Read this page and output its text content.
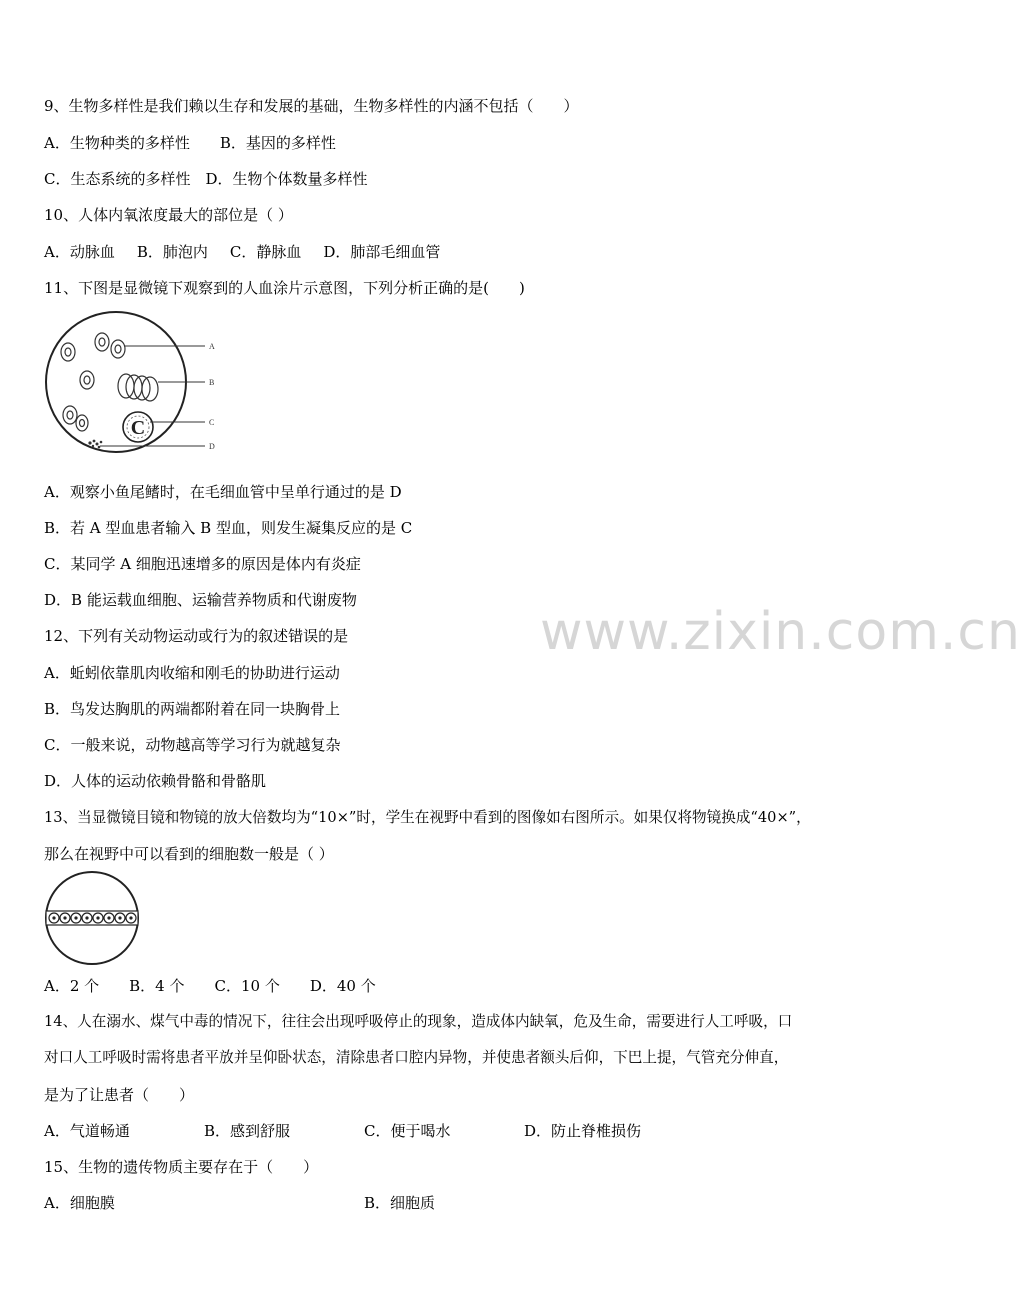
www.zixin.com.cn
9、生物多样性是我们赖以生存和发展的基础，生物多样性的内涵不包括（　　）
A．生物种类的多样性 B．基因的多样性
C．生态系统的多样性 D．生物个体数量多样性
10、人体内氧浓度最大的部位是（ ）
A．动脉血 B．肺泡内 C．静脉血 D．肺部毛细血管
11、下图是显微镜下观察到的人血涂片示意图，下列分析正确的是(　　)
C
A
B
C
D
A．观察小鱼尾鳍时，在毛细血管中呈单行通过的是 D
B．若 A 型血患者输入 B 型血，则发生凝集反应的是 C
C．某同学 A 细胞迅速增多的原因是体内有炎症
D．B 能运载血细胞、运输营养物质和代谢废物
12、下列有关动物运动或行为的叙述错误的是
A．蚯蚓依靠肌肉收缩和刚毛的协助进行运动
B．鸟发达胸肌的两端都附着在同一块胸骨上
C．一般来说，动物越高等学习行为就越复杂
D．人体的运动依赖骨骼和骨骼肌
13、当显微镜目镜和物镜的放大倍数均为“10×”时，学生在视野中看到的图像如右图所示。如果仅将物镜换成“40×”，
那么在视野中可以看到的细胞数一般是（ ）
A．2 个 B．4 个 C．10 个 D．40 个
14、人在溺水、煤气中毒的情况下，往往会出现呼吸停止的现象，造成体内缺氧，危及生命，需要进行人工呼吸，口
对口人工呼吸时需将患者平放并呈仰卧状态，清除患者口腔内异物，并使患者额头后仰，下巴上提，气管充分伸直，
是为了让患者（　　）
A．气道畅通	B．感到舒服	C．便于喝水	D．防止脊椎损伤
15、生物的遗传物质主要存在于（　　）
A．细胞膜	B．细胞质
